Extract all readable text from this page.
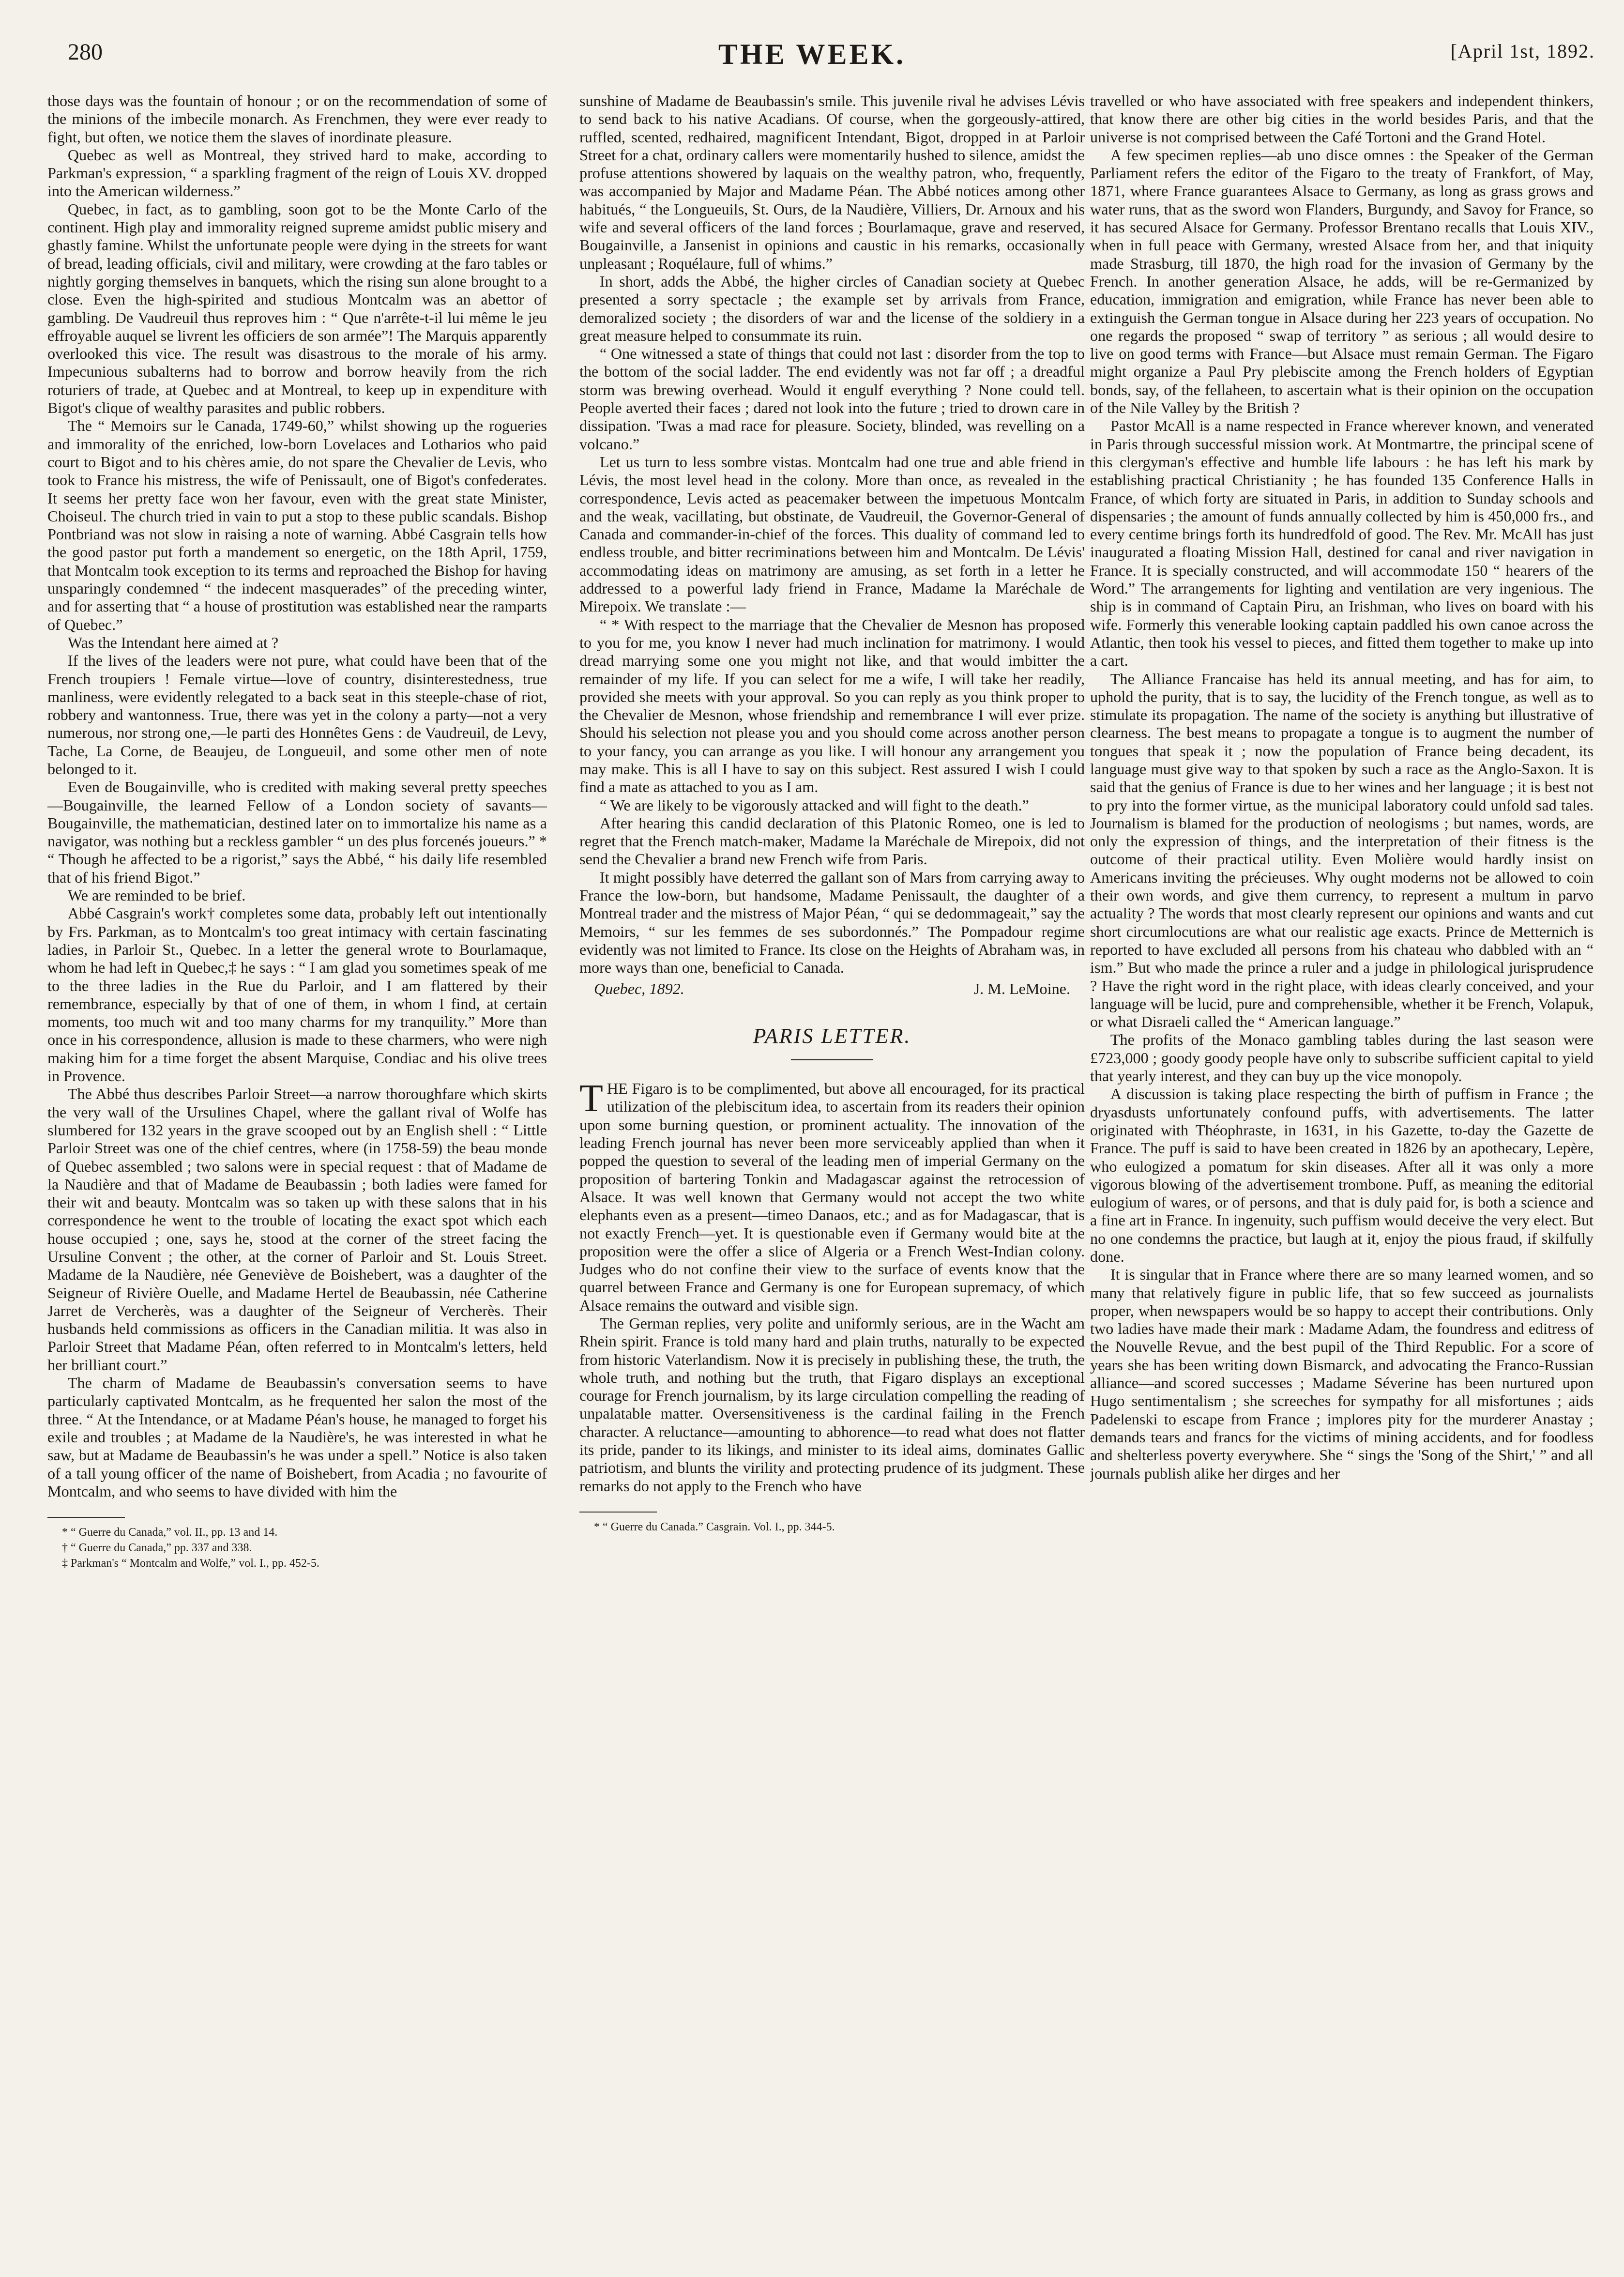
280	THE WEEK.	[April 1st, 1892.

those days was the fountain of honour ; or on the recommendation of some of the minions of the imbecile monarch. As Frenchmen, they were ever ready to fight, but often, we notice them the slaves of inordinate pleasure.

Quebec as well as Montreal, they strived hard to make, according to Parkman's expression, “ a sparkling fragment of the reign of Louis XV. dropped into the American wilderness.”

Quebec, in fact, as to gambling, soon got to be the Monte Carlo of the continent. High play and immorality reigned supreme amidst public misery and ghastly famine. Whilst the unfortunate people were dying in the streets for want of bread, leading officials, civil and military, were crowding at the faro tables or nightly gorging themselves in banquets, which the rising sun alone brought to a close. Even the high-spirited and studious Montcalm was an abettor of gambling. De Vaudreuil thus reproves him : “ Que n'arrête-t-il lui même le jeu effroyable auquel se livrent les officiers de son armée”! The Marquis apparently overlooked this vice. The result was disastrous to the morale of his army. Impecunious subalterns had to borrow and borrow heavily from the rich roturiers of trade, at Quebec and at Montreal, to keep up in expenditure with Bigot's clique of wealthy parasites and public robbers.

The “ Memoirs sur le Canada, 1749-60,” whilst showing up the rogueries and immorality of the enriched, low-born Lovelaces and Lotharios who paid court to Bigot and to his chères amie, do not spare the Chevalier de Levis, who took to France his mistress, the wife of Penissault, one of Bigot's confederates. It seems her pretty face won her favour, even with the great state Minister, Choiseul. The church tried in vain to put a stop to these public scandals. Bishop Pontbriand was not slow in raising a note of warning. Abbé Casgrain tells how the good pastor put forth a mandement so energetic, on the 18th April, 1759, that Montcalm took exception to its terms and reproached the Bishop for having unsparingly condemned “ the indecent masquerades” of the preceding winter, and for asserting that “ a house of prostitution was established near the ramparts of Quebec.”

Was the Intendant here aimed at ?

If the lives of the leaders were not pure, what could have been that of the French troupiers ! Female virtue—love of country, disinterestedness, true manliness, were evidently relegated to a back seat in this steeple-chase of riot, robbery and wantonness. True, there was yet in the colony a party—not a very numerous, nor strong one,—le parti des Honnêtes Gens : de Vaudreuil, de Levy, Tache, La Corne, de Beaujeu, de Longueuil, and some other men of note belonged to it.

Even de Bougainville, who is credited with making several pretty speeches—Bougainville, the learned Fellow of a London society of savants—Bougainville, the mathematician, destined later on to immortalize his name as a navigator, was nothing but a reckless gambler “ un des plus forcenés joueurs.” * “ Though he affected to be a rigorist,” says the Abbé, “ his daily life resembled that of his friend Bigot.”

We are reminded to be brief.

Abbé Casgrain's work† completes some data, probably left out intentionally by Frs. Parkman, as to Montcalm's too great intimacy with certain fascinating ladies, in Parloir St., Quebec. In a letter the general wrote to Bourlamaque, whom he had left in Quebec,‡ he says : “ I am glad you sometimes speak of me to the three ladies in the Rue du Parloir, and I am flattered by their remembrance, especially by that of one of them, in whom I find, at certain moments, too much wit and too many charms for my tranquility.” More than once in his correspondence, allusion is made to these charmers, who were nigh making him for a time forget the absent Marquise, Condiac and his olive trees in Provence.

The Abbé thus describes Parloir Street—a narrow thoroughfare which skirts the very wall of the Ursulines Chapel, where the gallant rival of Wolfe has slumbered for 132 years in the grave scooped out by an English shell : “ Little Parloir Street was one of the chief centres, where (in 1758-59) the beau monde of Quebec assembled ; two salons were in special request : that of Madame de la Naudière and that of Madame de Beaubassin ; both ladies were famed for their wit and beauty. Montcalm was so taken up with these salons that in his correspondence he went to the trouble of locating the exact spot which each house occupied ; one, says he, stood at the corner of the street facing the Ursuline Convent ; the other, at the corner of Parloir and St. Louis Street. Madame de la Naudière, née Geneviève de Boishebert, was a daughter of the Seigneur of Rivière Ouelle, and Madame Hertel de Beaubassin, née Catherine Jarret de Vercherès, was a daughter of the Seigneur of Vercherès. Their husbands held commissions as officers in the Canadian militia. It was also in Parloir Street that Madame Péan, often referred to in Montcalm's letters, held her brilliant court.”

The charm of Madame de Beaubassin's conversation seems to have particularly captivated Montcalm, as he frequented her salon the most of the three. “ At the Intendance, or at Madame Péan's house, he managed to forget his exile and troubles ; at Madame de la Naudière's, he was interested in what he saw, but at Madame de Beaubassin's he was under a spell.” Notice is also taken of a tall young officer of the name of Boishebert, from Acadia ; no favourite of Montcalm, and who seems to have divided with him the

* “ Guerre du Canada,” vol. II., pp. 13 and 14.

† “ Guerre du Canada,” pp. 337 and 338.

‡ Parkman's “ Montcalm and Wolfe,” vol. I., pp. 452-5.

sunshine of Madame de Beaubassin's smile. This juvenile rival he advises Lévis to send back to his native Acadians. Of course, when the gorgeously-attired, ruffled, scented, redhaired, magnificent Intendant, Bigot, dropped in at Parloir Street for a chat, ordinary callers were momentarily hushed to silence, amidst the profuse attentions showered by laquais on the wealthy patron, who, frequently, was accompanied by Major and Madame Péan. The Abbé notices among other habitués, “ the Longueuils, St. Ours, de la Naudière, Villiers, Dr. Arnoux and his wife and several officers of the land forces ; Bourlamaque, grave and reserved, Bougainville, a Jansenist in opinions and caustic in his remarks, occasionally unpleasant ; Roquélaure, full of whims.”

In short, adds the Abbé, the higher circles of Canadian society at Quebec presented a sorry spectacle ; the example set by arrivals from France, demoralized society ; the disorders of war and the license of the soldiery in a great measure helped to consummate its ruin.

“ One witnessed a state of things that could not last : disorder from the top to the bottom of the social ladder. The end evidently was not far off ; a dreadful storm was brewing overhead. Would it engulf everything ? None could tell. People averted their faces ; dared not look into the future ; tried to drown care in dissipation. 'Twas a mad race for pleasure. Society, blinded, was revelling on a volcano.”

Let us turn to less sombre vistas. Montcalm had one true and able friend in Lévis, the most level head in the colony. More than once, as revealed in the correspondence, Levis acted as peacemaker between the impetuous Montcalm and the weak, vacillating, but obstinate, de Vaudreuil, the Governor-General of Canada and commander-in-chief of the forces. This duality of command led to endless trouble, and bitter recriminations between him and Montcalm. De Lévis' accommodating ideas on matrimony are amusing, as set forth in a letter he addressed to a powerful lady friend in France, Madame la Maréchale de Mirepoix. We translate :—

“ * With respect to the marriage that the Chevalier de Mesnon has proposed to you for me, you know I never had much inclination for matrimony. I would dread marrying some one you might not like, and that would imbitter the remainder of my life. If you can select for me a wife, I will take her readily, provided she meets with your approval. So you can reply as you think proper to the Chevalier de Mesnon, whose friendship and remembrance I will ever prize. Should his selection not please you and you should come across another person to your fancy, you can arrange as you like. I will honour any arrangement you may make. This is all I have to say on this subject. Rest assured I wish I could find a mate as attached to you as I am.

“ We are likely to be vigorously attacked and will fight to the death.”

After hearing this candid declaration of this Platonic Romeo, one is led to regret that the French match-maker, Madame la Maréchale de Mirepoix, did not send the Chevalier a brand new French wife from Paris.

It might possibly have deterred the gallant son of Mars from carrying away to France the low-born, but handsome, Madame Penissault, the daughter of a Montreal trader and the mistress of Major Péan, “ qui se dedommageait,” say the Memoirs, “ sur les femmes de ses subordonnés.” The Pompadour regime evidently was not limited to France. Its close on the Heights of Abraham was, in more ways than one, beneficial to Canada.

Quebec, 1892.	J. M. LeMoine.
PARIS LETTER.

THE Figaro is to be complimented, but above all encouraged, for its practical utilization of the plebiscitum idea, to ascertain from its readers their opinion upon some burning question, or prominent actuality. The innovation of the leading French journal has never been more serviceably applied than when it popped the question to several of the leading men of imperial Germany on the proposition of bartering Tonkin and Madagascar against the retrocession of Alsace. It was well known that Germany would not accept the two white elephants even as a present—timeo Danaos, etc.; and as for Madagascar, that is not exactly French—yet. It is questionable even if Germany would bite at the proposition were the offer a slice of Algeria or a French West-Indian colony. Judges who do not confine their view to the surface of events know that the quarrel between France and Germany is one for European supremacy, of which Alsace remains the outward and visible sign.

The German replies, very polite and uniformly serious, are in the Wacht am Rhein spirit. France is told many hard and plain truths, naturally to be expected from historic Vaterlandism. Now it is precisely in publishing these, the truth, the whole truth, and nothing but the truth, that Figaro displays an exceptional courage for French journalism, by its large circulation compelling the reading of unpalatable matter. Oversensitiveness is the cardinal failing in the French character. A reluctance—amounting to abhorence—to read what does not flatter its pride, pander to its likings, and minister to its ideal aims, dominates Gallic patriotism, and blunts the virility and protecting prudence of its judgment. These remarks do not apply to the French who have

* “ Guerre du Canada.” Casgrain. Vol. I., pp. 344-5.

travelled or who have associated with free speakers and independent thinkers, that know there are other big cities in the world besides Paris, and that the universe is not comprised between the Café Tortoni and the Grand Hotel.

A few specimen replies—ab uno disce omnes : the Speaker of the German Parliament refers the editor of the Figaro to the treaty of Frankfort, of May, 1871, where France guarantees Alsace to Germany, as long as grass grows and water runs, that as the sword won Flanders, Burgundy, and Savoy for France, so it has secured Alsace for Germany. Professor Brentano recalls that Louis XIV., when in full peace with Germany, wrested Alsace from her, and that iniquity made Strasburg, till 1870, the high road for the invasion of Germany by the French. In another generation Alsace, he adds, will be re-Germanized by education, immigration and emigration, while France has never been able to extinguish the German tongue in Alsace during her 223 years of occupation. No one regards the proposed “ swap of territory ” as serious ; all would desire to live on good terms with France—but Alsace must remain German. The Figaro might organize a Paul Pry plebiscite among the French holders of Egyptian bonds, say, of the fellaheen, to ascertain what is their opinion on the occupation of the Nile Valley by the British ?

Pastor McAll is a name respected in France wherever known, and venerated in Paris through successful mission work. At Montmartre, the principal scene of this clergyman's effective and humble life labours : he has left his mark by establishing practical Christianity ; he has founded 135 Conference Halls in France, of which forty are situated in Paris, in addition to Sunday schools and dispensaries ; the amount of funds annually collected by him is 450,000 frs., and every centime brings forth its hundredfold of good. The Rev. Mr. McAll has just inaugurated a floating Mission Hall, destined for canal and river navigation in France. It is specially constructed, and will accommodate 150 “ hearers of the Word.” The arrangements for lighting and ventilation are very ingenious. The ship is in command of Captain Piru, an Irishman, who lives on board with his wife. Formerly this venerable looking captain paddled his own canoe across the Atlantic, then took his vessel to pieces, and fitted them together to make up into a cart.

The Alliance Francaise has held its annual meeting, and has for aim, to uphold the purity, that is to say, the lucidity of the French tongue, as well as to stimulate its propagation. The name of the society is anything but illustrative of clearness. The best means to propagate a tongue is to augment the number of tongues that speak it ; now the population of France being decadent, its language must give way to that spoken by such a race as the Anglo-Saxon. It is said that the genius of France is due to her wines and her language ; it is best not to pry into the former virtue, as the municipal laboratory could unfold sad tales. Journalism is blamed for the production of neologisms ; but names, words, are only the expression of things, and the interpretation of their fitness is the outcome of their practical utility. Even Molière would hardly insist on Americans inviting the précieuses. Why ought moderns not be allowed to coin their own words, and give them currency, to represent a multum in parvo actuality ? The words that most clearly represent our opinions and wants and cut short circumlocutions are what our realistic age exacts. Prince de Metternich is reported to have excluded all persons from his chateau who dabbled with an “ ism.” But who made the prince a ruler and a judge in philological jurisprudence ? Have the right word in the right place, with ideas clearly conceived, and your language will be lucid, pure and comprehensible, whether it be French, Volapuk, or what Disraeli called the “ American language.”

The profits of the Monaco gambling tables during the last season were £723,000 ; goody goody people have only to subscribe sufficient capital to yield that yearly interest, and they can buy up the vice monopoly.

A discussion is taking place respecting the birth of puffism in France ; the dryasdusts unfortunately confound puffs, with advertisements. The latter originated with Théophraste, in 1631, in his Gazette, to-day the Gazette de France. The puff is said to have been created in 1826 by an apothecary, Lepère, who eulogized a pomatum for skin diseases. After all it was only a more vigorous blowing of the advertisement trombone. Puff, as meaning the editorial eulogium of wares, or of persons, and that is duly paid for, is both a science and a fine art in France. In ingenuity, such puffism would deceive the very elect. But no one condemns the practice, but laugh at it, enjoy the pious fraud, if skilfully done.

It is singular that in France where there are so many learned women, and so many that relatively figure in public life, that so few succeed as journalists proper, when newspapers would be so happy to accept their contributions. Only two ladies have made their mark : Madame Adam, the foundress and editress of the Nouvelle Revue, and the best pupil of the Third Republic. For a score of years she has been writing down Bismarck, and advocating the Franco-Russian alliance—and scored successes ; Madame Séverine has been nurtured upon Hugo sentimentalism ; she screeches for sympathy for all misfortunes ; aids Padelenski to escape from France ; implores pity for the murderer Anastay ; demands tears and francs for the victims of mining accidents, and for foodless and shelterless poverty everywhere. She “ sings the 'Song of the Shirt,' ” and all journals publish alike her dirges and her
